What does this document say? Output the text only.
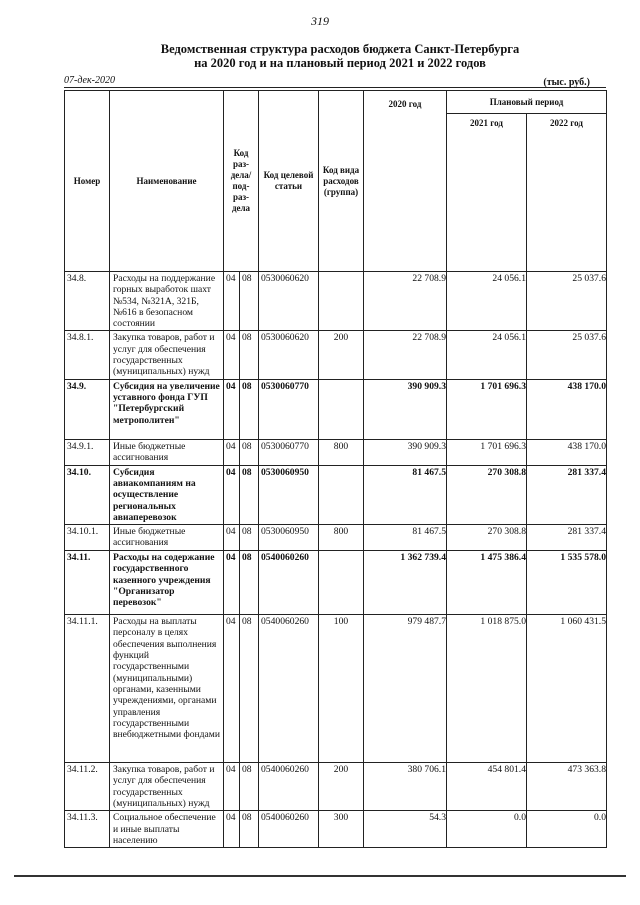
319
Ведомственная структура расходов бюджета Санкт-Петербурга
на 2020 год и на плановый период 2021 и 2022 годов
07-дек-2020	(тыс. руб.)
Номер	Наименование	Код раз- дела/ под- раз- дела		Код целевой статьи	Код вида расходов (группа)	2020 год	Плановый период	
							2021 год	2022 год
34.8.	Расходы на поддержание горных выработок шахт №534, №321А, 321Б, №616 в безопасном состоянии	04	08	0530060620		22 708.9	24 056.1	25 037.6
34.8.1.	Закупка товаров, работ и услуг для обеспечения государственных (муниципальных) нужд	04	08	0530060620	200	22 708.9	24 056.1	25 037.6
34.9.	Субсидия на увеличение уставного фонда ГУП "Петербургский метрополитен"	04	08	0530060770		390 909.3	1 701 696.3	438 170.0
34.9.1.	Иные бюджетные ассигнования	04	08	0530060770	800	390 909.3	1 701 696.3	438 170.0
34.10.	Субсидия авиакомпаниям на осуществление региональных авиаперевозок	04	08	0530060950		81 467.5	270 308.8	281 337.4
34.10.1.	Иные бюджетные ассигнования	04	08	0530060950	800	81 467.5	270 308.8	281 337.4
34.11.	Расходы на содержание государственного казенного учреждения "Организатор перевозок"	04	08	0540060260		1 362 739.4	1 475 386.4	1 535 578.0
34.11.1.	Расходы на выплаты персоналу в целях обеспечения выполнения функций государственными (муниципальными) органами, казенными учреждениями, органами управления государственными внебюджетными фондами	04	08	0540060260	100	979 487.7	1 018 875.0	1 060 431.5
34.11.2.	Закупка товаров, работ и услуг для обеспечения государственных (муниципальных) нужд	04	08	0540060260	200	380 706.1	454 801.4	473 363.8
34.11.3.	Социальное обеспечение и иные выплаты населению	04	08	0540060260	300	54.3	0.0	0.0
